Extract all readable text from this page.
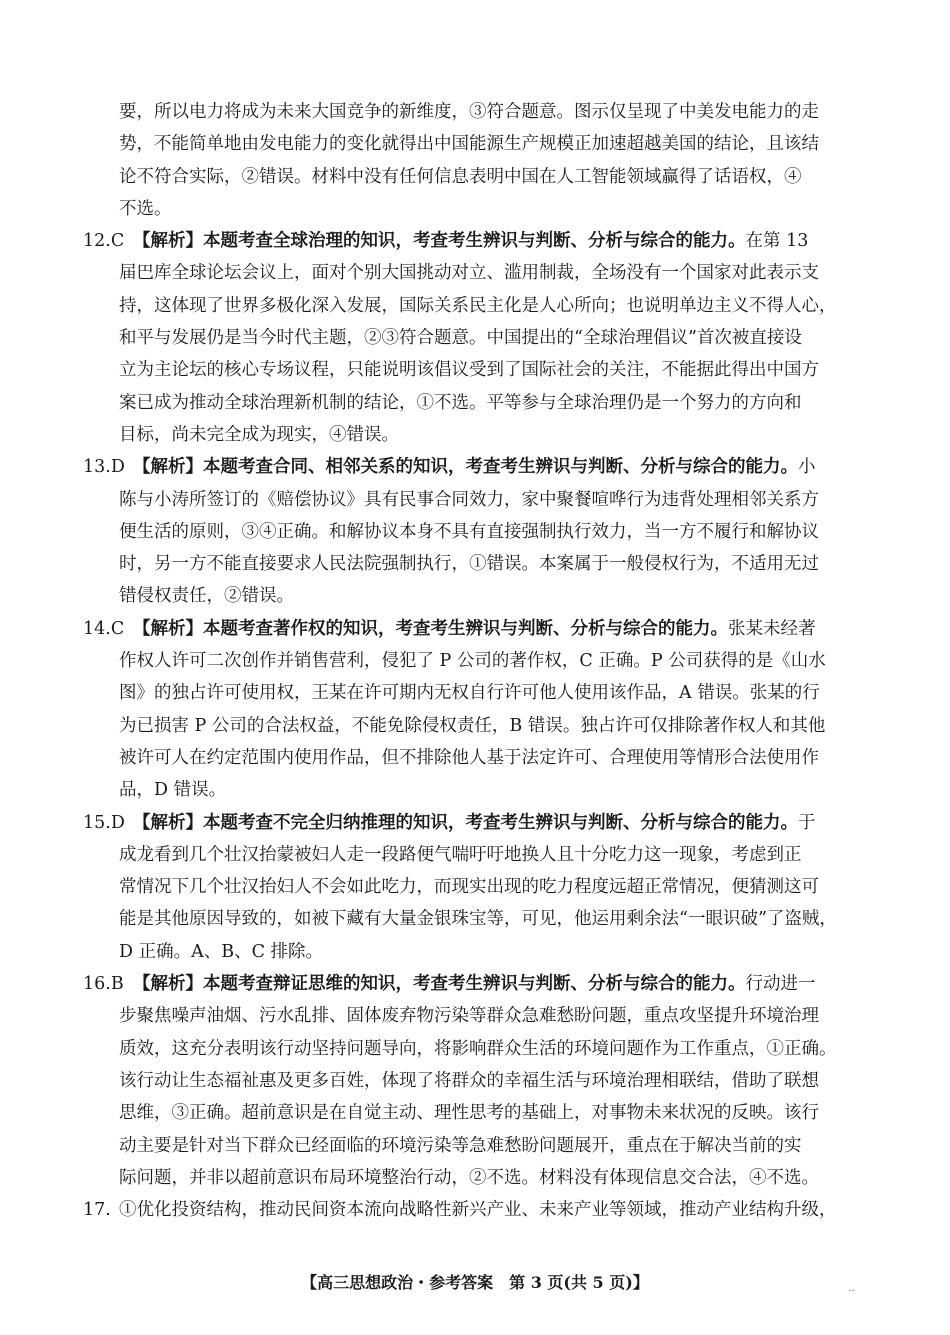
要，所以电力将成为未来大国竞争的新维度，③符合题意。图示仅呈现了中美发电能力的走
势，不能简单地由发电能力的变化就得出中国能源生产规模正加速超越美国的结论，且该结
论不符合实际，②错误。材料中没有任何信息表明中国在人工智能领域赢得了话语权，④
不选。
12.C 【解析】本题考查全球治理的知识，考查考生辨识与判断、分析与综合的能力。在第 13
届巴库全球论坛会议上，面对个别大国挑动对立、滥用制裁，全场没有一个国家对此表示支
持，这体现了世界多极化深入发展，国际关系民主化是人心所向；也说明单边主义不得人心，
和平与发展仍是当今时代主题，②③符合题意。中国提出的“全球治理倡议”首次被直接设
立为主论坛的核心专场议程，只能说明该倡议受到了国际社会的关注，不能据此得出中国方
案已成为推动全球治理新机制的结论，①不选。平等参与全球治理仍是一个努力的方向和
目标，尚未完全成为现实，④错误。
13.D 【解析】本题考查合同、相邻关系的知识，考查考生辨识与判断、分析与综合的能力。小
陈与小涛所签订的《赔偿协议》具有民事合同效力，家中聚餐喧哗行为违背处理相邻关系方
便生活的原则，③④正确。和解协议本身不具有直接强制执行效力，当一方不履行和解协议
时，另一方不能直接要求人民法院强制执行，①错误。本案属于一般侵权行为，不适用无过
错侵权责任，②错误。
14.C 【解析】本题考查著作权的知识，考查考生辨识与判断、分析与综合的能力。张某未经著
作权人许可二次创作并销售营利，侵犯了 P 公司的著作权，C 正确。P 公司获得的是《山水
图》的独占许可使用权，王某在许可期内无权自行许可他人使用该作品，A 错误。张某的行
为已损害 P 公司的合法权益，不能免除侵权责任，B 错误。独占许可仅排除著作权人和其他
被许可人在约定范围内使用作品，但不排除他人基于法定许可、合理使用等情形合法使用作
品，D 错误。
15.D 【解析】本题考查不完全归纳推理的知识，考查考生辨识与判断、分析与综合的能力。于
成龙看到几个壮汉抬蒙被妇人走一段路便气喘吁吁地换人且十分吃力这一现象，考虑到正
常情况下几个壮汉抬妇人不会如此吃力，而现实出现的吃力程度远超正常情况，便猜测这可
能是其他原因导致的，如被下藏有大量金银珠宝等，可见，他运用剩余法“一眼识破”了盗贼，
D 正确。A、B、C 排除。
16.B 【解析】本题考查辩证思维的知识，考查考生辨识与判断、分析与综合的能力。行动进一
步聚焦噪声油烟、污水乱排、固体废弃物污染等群众急难愁盼问题，重点攻坚提升环境治理
质效，这充分表明该行动坚持问题导向，将影响群众生活的环境问题作为工作重点，①正确。
该行动让生态福祉惠及更多百姓，体现了将群众的幸福生活与环境治理相联结，借助了联想
思维，③正确。超前意识是在自觉主动、理性思考的基础上，对事物未来状况的反映。该行
动主要是针对当下群众已经面临的环境污染等急难愁盼问题展开，重点在于解决当前的实
际问题，并非以超前意识布局环境整治行动，②不选。材料没有体现信息交合法，④不选。
17. ①优化投资结构，推动民间资本流向战略性新兴产业、未来产业等领域，推动产业结构升级，
【高三思想政治・参考答案　第 3 页(共 5 页)】	‥
